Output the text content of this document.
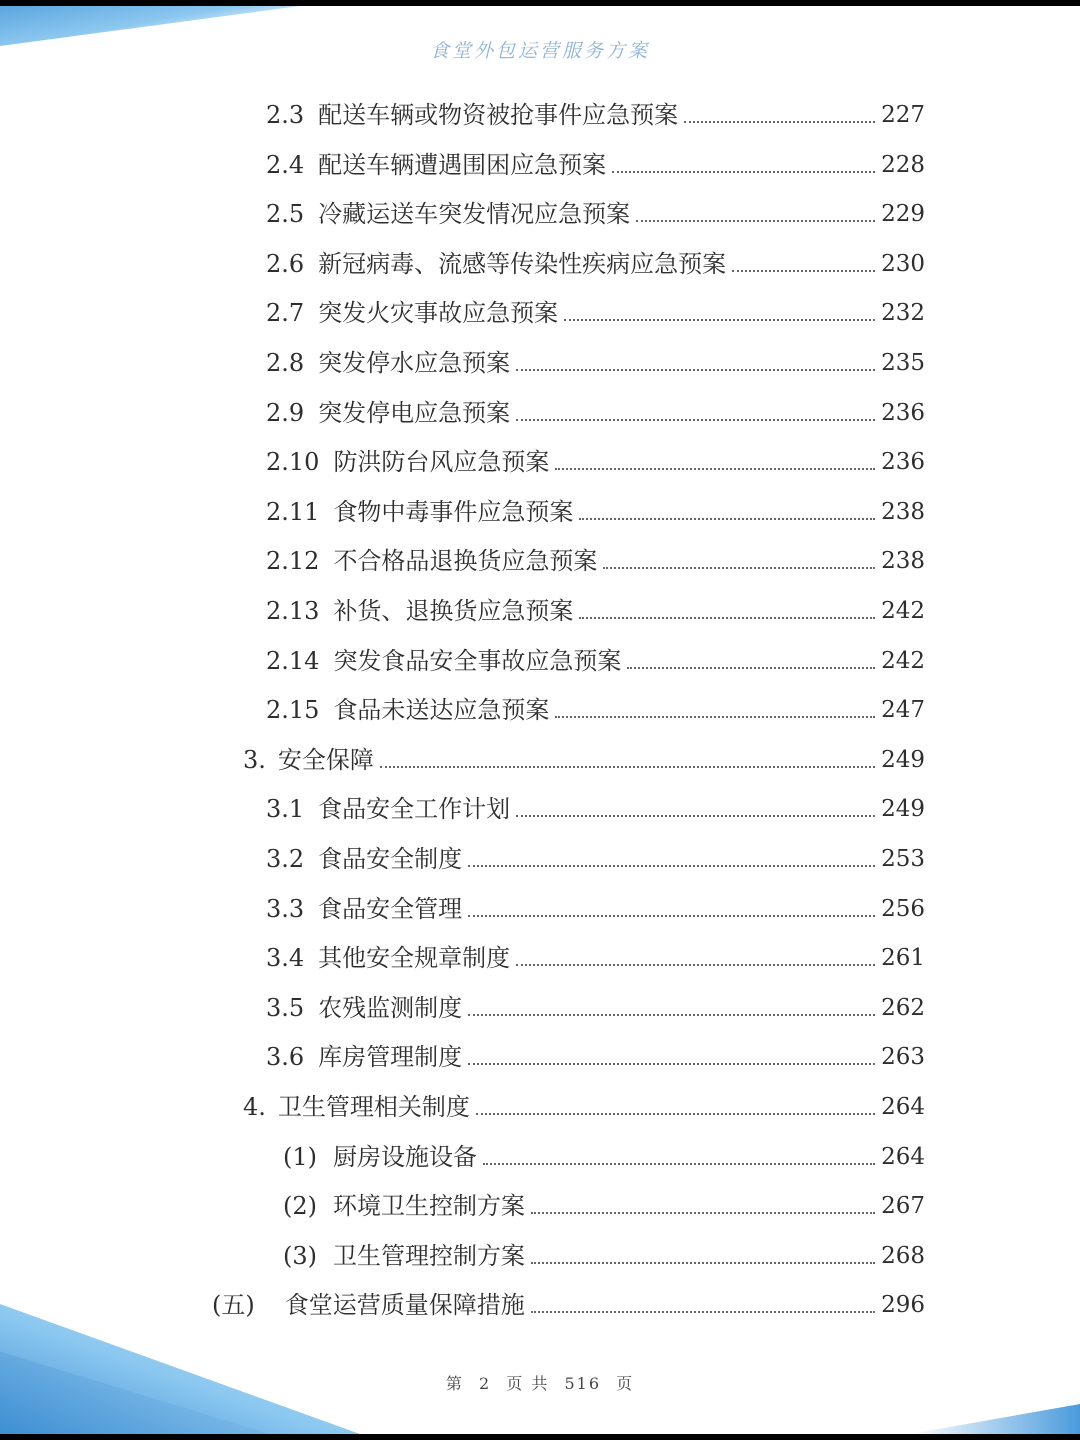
食堂外包运营服务方案
2.3 配送车辆或物资被抢事件应急预案	227
2.4 配送车辆遭遇围困应急预案	228
2.5 冷藏运送车突发情况应急预案	229
2.6 新冠病毒、流感等传染性疾病应急预案	230
2.7 突发火灾事故应急预案	232
2.8 突发停水应急预案	235
2.9 突发停电应急预案	236
2.10 防洪防台风应急预案	236
2.11 食物中毒事件应急预案	238
2.12 不合格品退换货应急预案	238
2.13 补货、退换货应急预案	242
2.14 突发食品安全事故应急预案	242
2.15 食品未送达应急预案	247
3. 安全保障	249
3.1 食品安全工作计划	249
3.2 食品安全制度	253
3.3 食品安全管理	256
3.4 其他安全规章制度	261
3.5 农残监测制度	262
3.6 库房管理制度	263
4. 卫生管理相关制度	264
(1) 厨房设施设备	264
(2) 环境卫生控制方案	267
(3) 卫生管理控制方案	268
(五) 食堂运营质量保障措施	296
第 2 页 共 516 页
